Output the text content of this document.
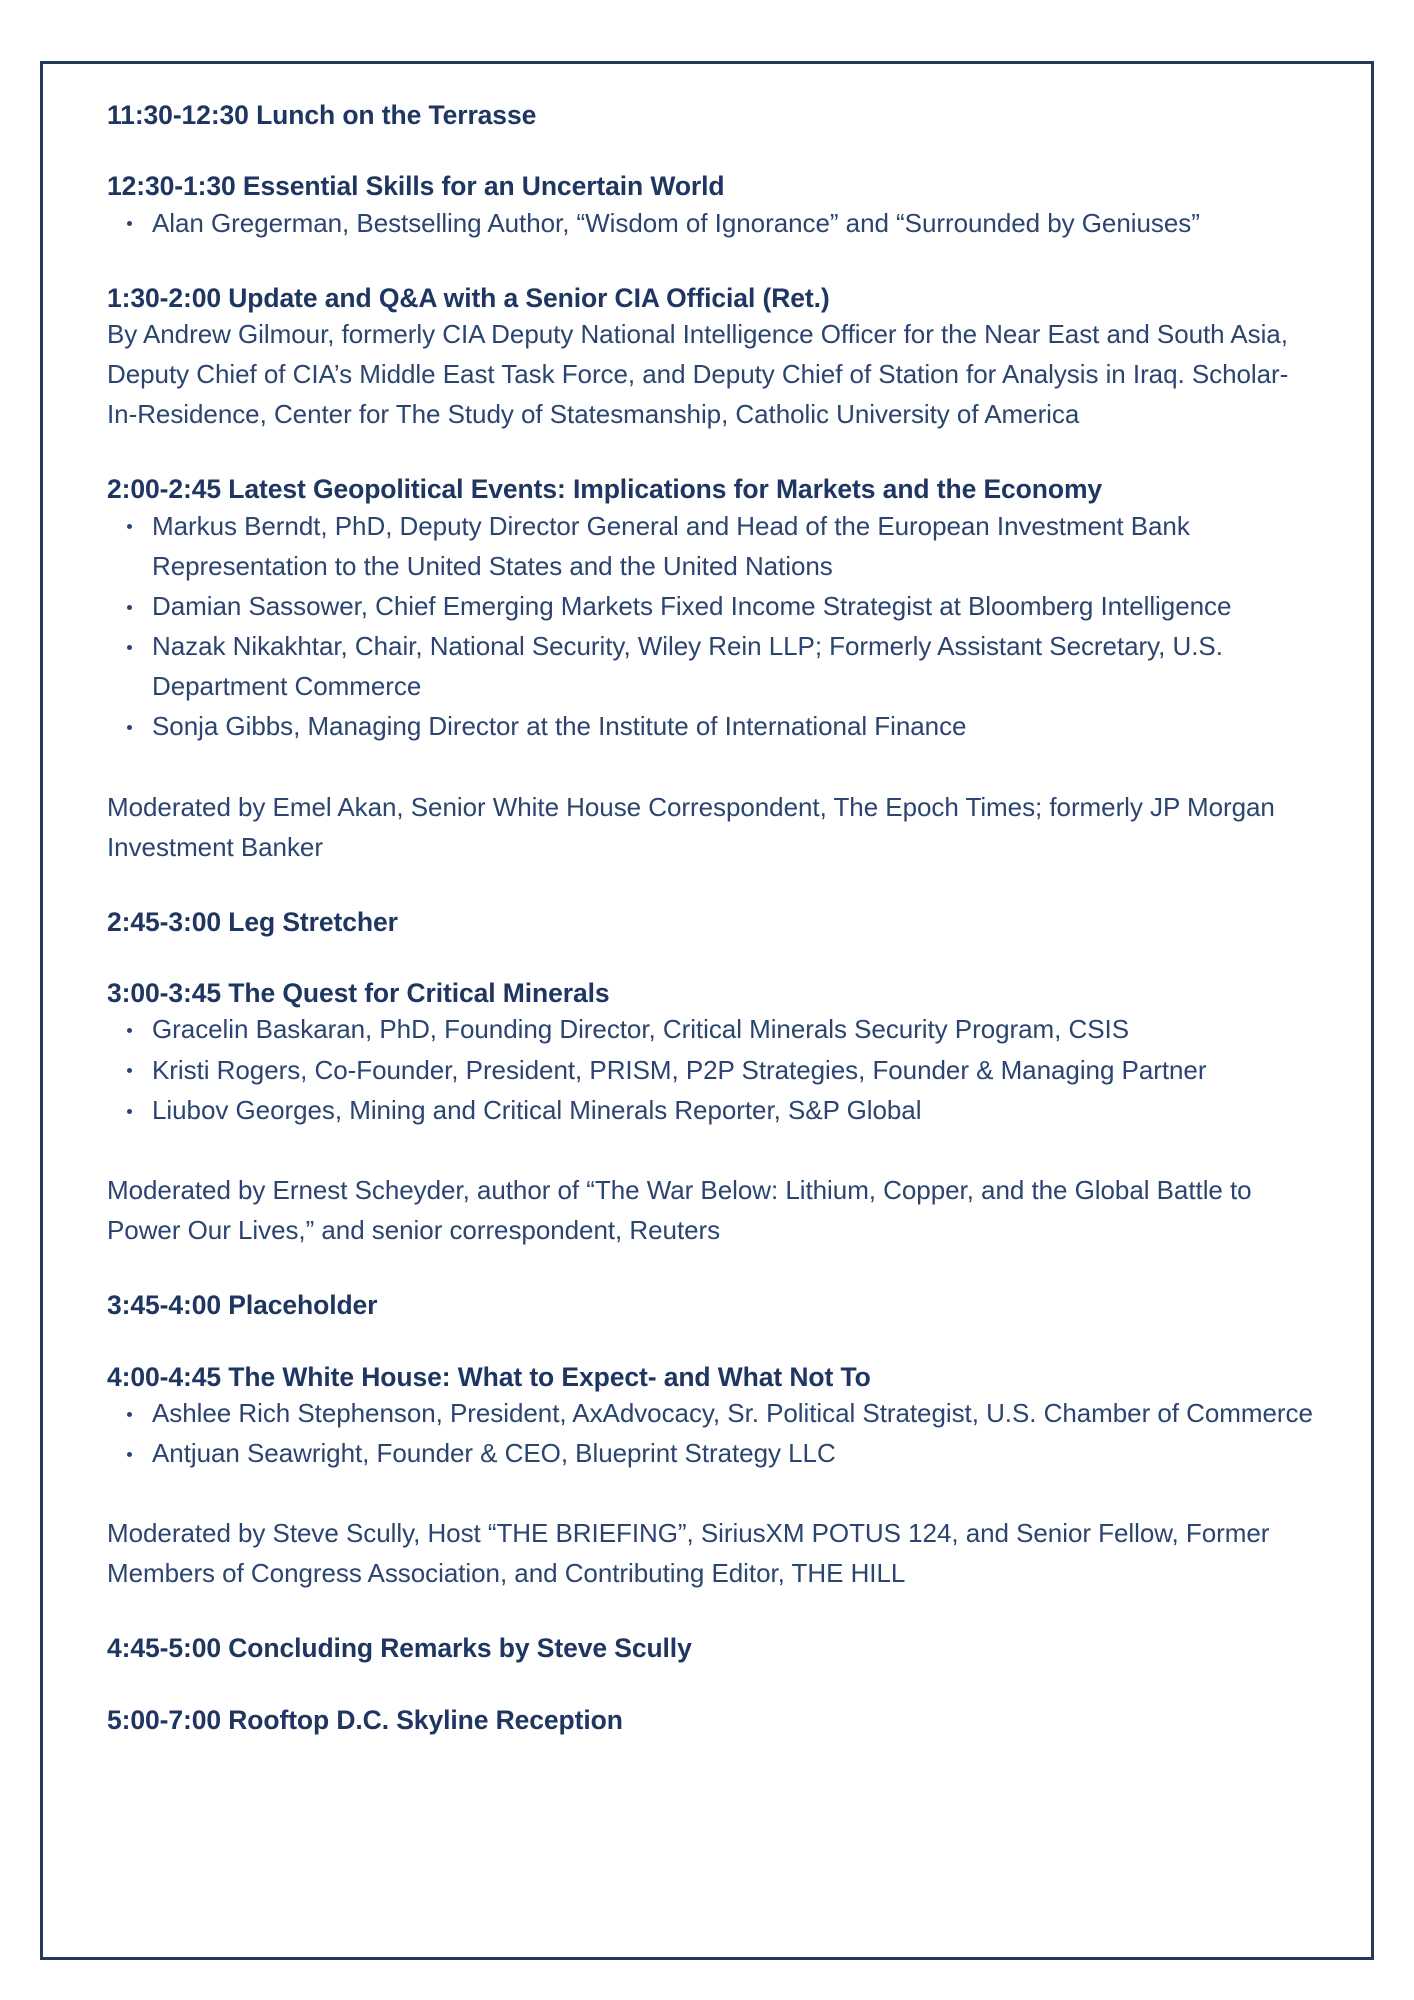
11:30-12:30 Lunch on the Terrasse

12:30-1:30 Essential Skills for an Uncertain World

Alan Gregerman, Bestselling Author, “Wisdom of Ignorance” and “Surrounded by Geniuses”

1:30-2:00 Update and Q&A with a Senior CIA Official (Ret.)

By Andrew Gilmour, formerly CIA Deputy National Intelligence Officer for the Near East and South Asia, Deputy Chief of CIA’s Middle East Task Force, and Deputy Chief of Station for Analysis in Iraq. Scholar-In-Residence, Center for The Study of Statesmanship, Catholic University of America

2:00-2:45 Latest Geopolitical Events: Implications for Markets and the Economy

Markus Berndt, PhD, Deputy Director General and Head of the European Investment Bank Representation to the United States and the United Nations
Damian Sassower, Chief Emerging Markets Fixed Income Strategist at Bloomberg Intelligence
Nazak Nikakhtar, Chair, National Security, Wiley Rein LLP; Formerly Assistant Secretary, U.S. Department Commerce
Sonja Gibbs, Managing Director at the Institute of International Finance

Moderated by Emel Akan, Senior White House Correspondent, The Epoch Times; formerly JP Morgan Investment Banker

2:45-3:00 Leg Stretcher

3:00-3:45 The Quest for Critical Minerals

Gracelin Baskaran, PhD, Founding Director, Critical Minerals Security Program, CSIS
Kristi Rogers, Co-Founder, President, PRISM, P2P Strategies, Founder & Managing Partner
Liubov Georges, Mining and Critical Minerals Reporter, S&P Global

Moderated by Ernest Scheyder, author of “The War Below: Lithium, Copper, and the Global Battle to Power Our Lives,” and senior correspondent, Reuters

3:45-4:00 Placeholder

4:00-4:45 The White House: What to Expect- and What Not To

Ashlee Rich Stephenson, President, AxAdvocacy, Sr. Political Strategist, U.S. Chamber of Commerce
Antjuan Seawright, Founder & CEO, Blueprint Strategy LLC

Moderated by Steve Scully, Host “THE BRIEFING”, SiriusXM POTUS 124, and Senior Fellow, Former Members of Congress Association, and Contributing Editor, THE HILL

4:45-5:00 Concluding Remarks by Steve Scully

5:00-7:00 Rooftop D.C. Skyline Reception
